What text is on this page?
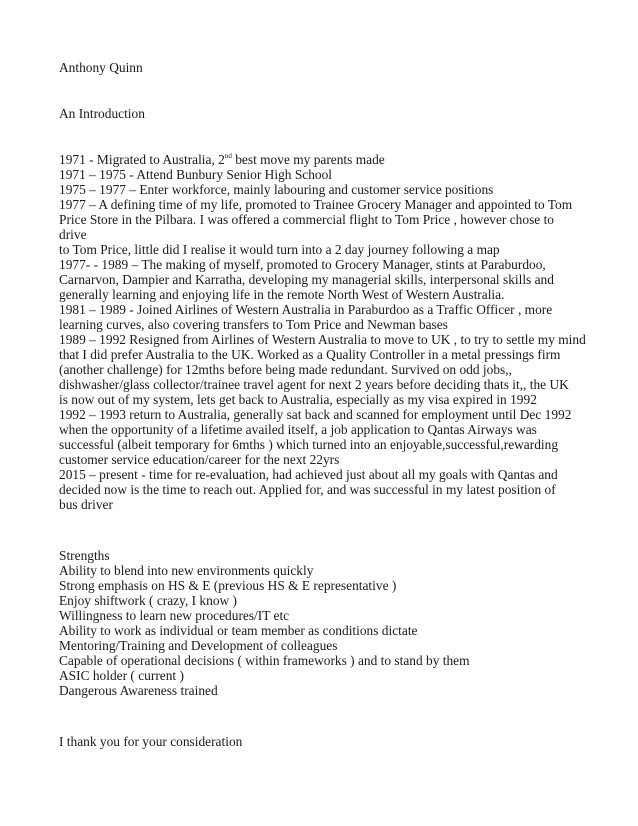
Anthony Quinn
An Introduction
1971 - Migrated to Australia, 2nd best move my parents made
1971 – 1975 - Attend Bunbury Senior High School
1975 – 1977 – Enter workforce, mainly labouring and customer service positions
1977 – A defining time of my life, promoted to Trainee Grocery Manager and appointed to Tom
Price Store in the Pilbara. I was offered a commercial flight to Tom Price , however chose to
drive
to Tom Price, little did I realise it would turn into a 2 day journey following a map
1977- - 1989 – The making of myself, promoted to Grocery Manager, stints at Paraburdoo,
Carnarvon, Dampier and Karratha, developing my managerial skills, interpersonal skills and
generally learning and enjoying life in the remote North West of Western Australia.
1981 – 1989 - Joined Airlines of Western Australia in Paraburdoo as a Traffic Officer , more
learning curves, also covering transfers to Tom Price and Newman bases
1989 – 1992 Resigned from Airlines of Western Australia to move to UK , to try to settle my mind
that I did prefer Australia to the UK. Worked as a Quality Controller in a metal pressings firm
(another challenge) for 12mths before being made redundant. Survived on odd jobs,,
dishwasher/glass collector/trainee travel agent for next 2 years before deciding thats it,, the UK
is now out of my system, lets get back to Australia, especially as my visa expired in 1992
1992 – 1993 return to Australia, generally sat back and scanned for employment until Dec 1992
when the opportunity of a lifetime availed itself, a job application to Qantas Airways was
successful (albeit temporary for 6mths ) which turned into an enjoyable,successful,rewarding
customer service education/career for the next 22yrs
2015 – present - time for re-evaluation, had achieved just about all my goals with Qantas and
decided now is the time to reach out. Applied for, and was successful in my latest position of
bus driver
Strengths
Ability to blend into new environments quickly
Strong emphasis on HS & E (previous HS & E representative )
Enjoy shiftwork ( crazy, I know )
Willingness to learn new procedures/IT etc
Ability to work as individual or team member as conditions dictate
Mentoring/Training and Development of colleagues
Capable of operational decisions ( within frameworks ) and to stand by them
ASIC holder ( current )
Dangerous Awareness trained
I thank you for your consideration
